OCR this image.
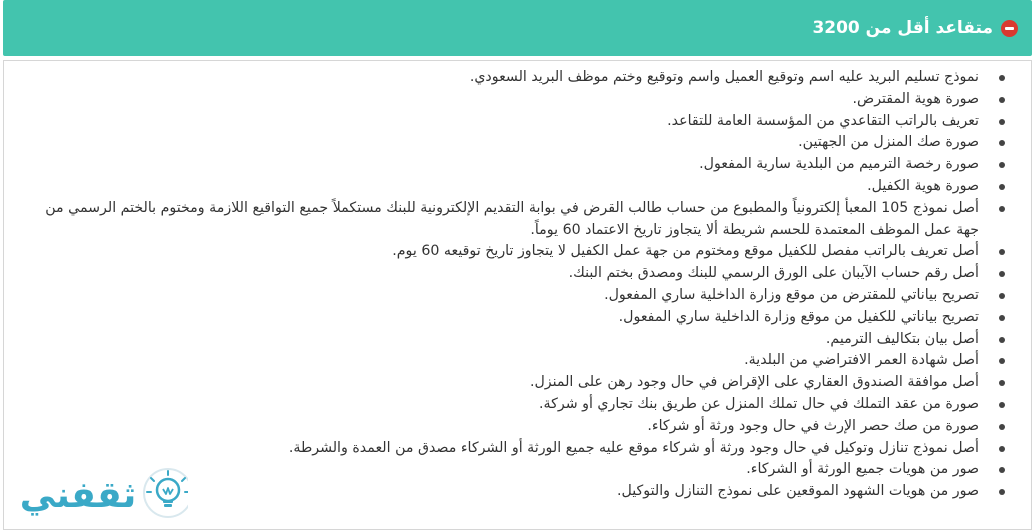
متقاعد أقل من 3200
نموذج تسليم البريد عليه اسم وتوقيع العميل واسم وتوقيع وختم موظف البريد السعودي.
صورة هوية المقترض.
تعريف بالراتب التقاعدي من المؤسسة العامة للتقاعد.
صورة صك المنزل من الجهتين.
صورة رخصة الترميم من البلدية سارية المفعول.
صورة هوية الكفيل.
أصل نموذج 105 المعبأ إلكترونياً والمطبوع من حساب طالب القرض في بوابة التقديم الإلكترونية للبنك مستكملاً جميع التواقيع اللازمة ومختوم بالختم الرسمي من جهة عمل الموظف المعتمدة للحسم شريطة ألا يتجاوز تاريخ الاعتماد 60 يوماً.
أصل تعريف بالراتب مفصل للكفيل موقع ومختوم من جهة عمل الكفيل لا يتجاوز تاريخ توقيعه 60 يوم.
أصل رقم حساب الآيبان على الورق الرسمي للبنك ومصدق بختم البنك.
تصريح بياناتي للمقترض من موقع وزارة الداخلية ساري المفعول.
تصريح بياناتي للكفيل من موقع وزارة الداخلية ساري المفعول.
أصل بيان بتكاليف الترميم.
أصل شهادة العمر الافتراضي من البلدية.
أصل موافقة الصندوق العقاري على الإقراض في حال وجود رهن على المنزل.
صورة من عقد التملك في حال تملك المنزل عن طريق بنك تجاري أو شركة.
صورة من صك حصر الإرث في حال وجود ورثة أو شركاء.
أصل نموذج تنازل وتوكيل في حال وجود ورثة أو شركاء موقع عليه جميع الورثة أو الشركاء مصدق من العمدة والشرطة.
صور من هويات جميع الورثة أو الشركاء.
صور من هويات الشهود الموقعين على نموذج التنازل والتوكيل.
ثقفني
